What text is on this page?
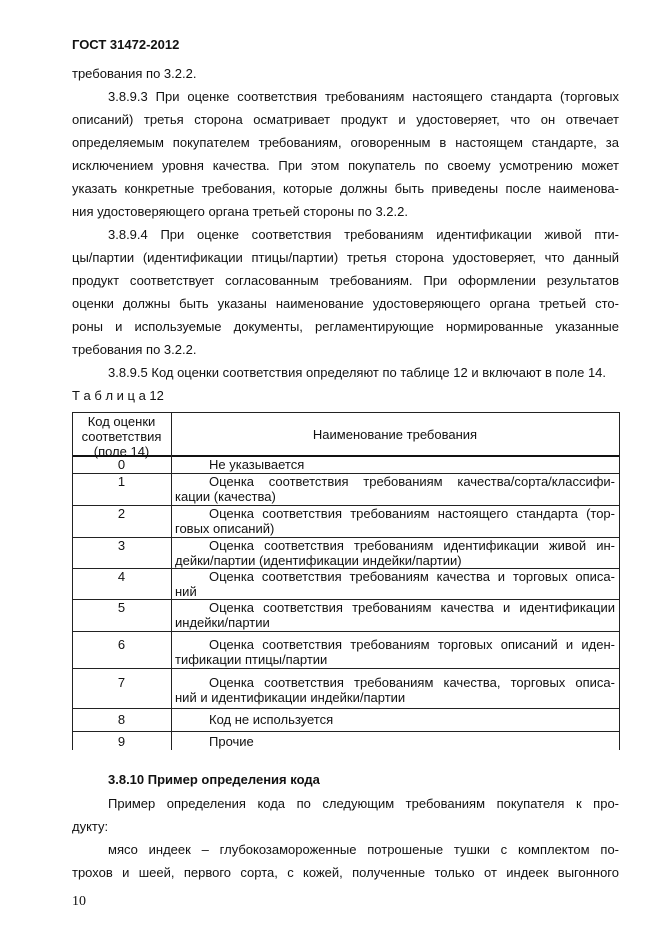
ГОСТ 31472-2012
требования по 3.2.2.
3.8.9.3 При оценке соответствия требованиям настоящего стандарта (торговых
описаний) третья сторона осматривает продукт и удостоверяет, что он отвечает
определяемым покупателем требованиям, оговоренным в настоящем стандарте, за
исключением уровня качества. При этом покупатель по своему усмотрению может
указать конкретные требования, которые должны быть приведены после наименова-
ния удостоверяющего органа третьей стороны по 3.2.2.
3.8.9.4 При оценке соответствия требованиям идентификации живой пти-
цы/партии (идентификации птицы/партии) третья сторона удостоверяет, что данный
продукт соответствует согласованным требованиям. При оформлении результатов
оценки должны быть указаны наименование удостоверяющего органа третьей сто-
роны и используемые документы, регламентирующие нормированные указанные
требования по 3.2.2.
3.8.9.5 Код оценки соответствия определяют по таблице 12 и включают в поле 14.
Т а б л и ц а 12
Код оценки
соответствия
(поле 14)
Наименование требования
0	Не указывается
1	Оценка соответствия требованиям качества/сорта/классифи-
кации (качества)
2	Оценка соответствия требованиям настоящего стандарта (тор-
говых описаний)
3	Оценка соответствия требованиям идентификации живой ин-
дейки/партии (идентификации индейки/партии)
4	Оценка соответствия требованиям качества и торговых описа-
ний
5	Оценка соответствия требованиям качества и идентификации
индейки/партии
6	Оценка соответствия требованиям торговых описаний и иден-
тификации птицы/партии
7	Оценка соответствия требованиям качества, торговых описа-
ний и идентификации индейки/партии
8	Код не используется
9	Прочие
3.8.10 Пример определения кода
Пример определения кода по следующим требованиям покупателя к про-
дукту:
мясо индеек – глубокозамороженные потрошеные тушки с комплектом по-
трохов и шеей, первого сорта, с кожей, полученные только от индеек выгонного
10
